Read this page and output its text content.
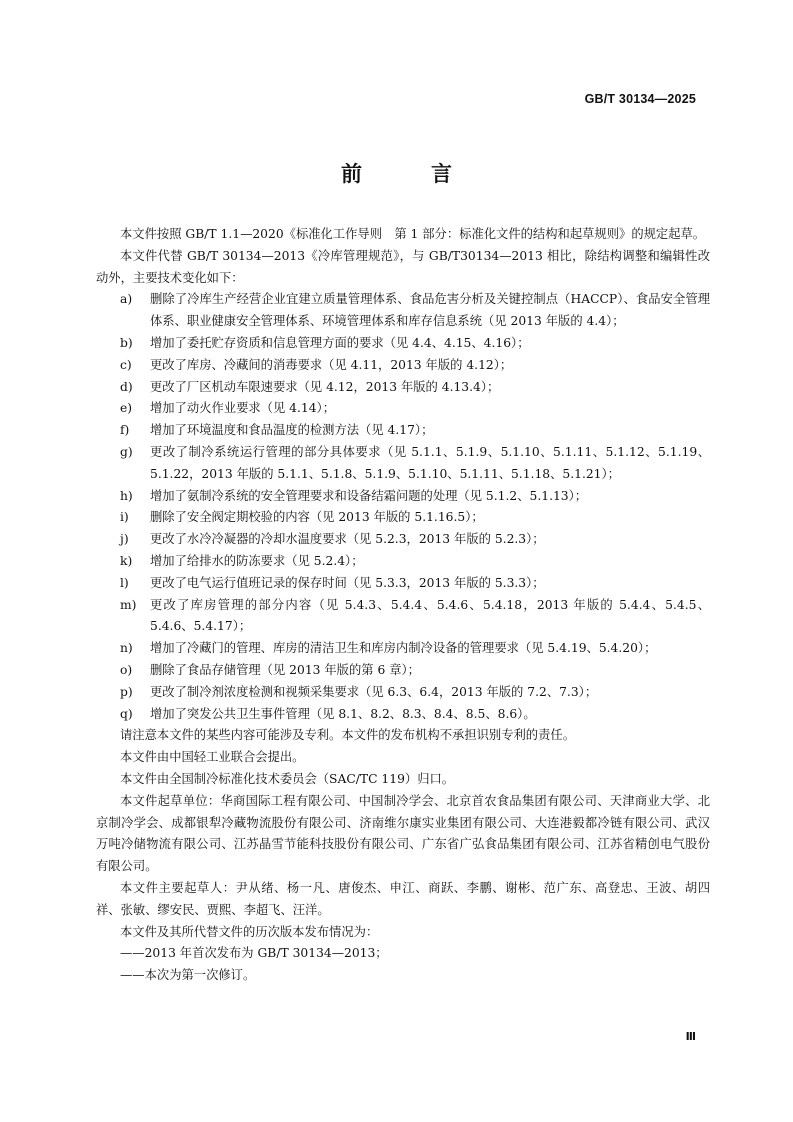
GB/T 30134—2025

前　言

本文件按照 GB/T 1.1—2020《标准化工作导则　第 1 部分：标准化文件的结构和起草规则》的规定起草。

本文件代替 GB/T 30134—2013《冷库管理规范》，与 GB/T30134—2013 相比，除结构调整和编辑性改动外，主要技术变化如下：

a) 删除了冷库生产经营企业宜建立质量管理体系、食品危害分析及关键控制点（HACCP）、食品安全管理体系、职业健康安全管理体系、环境管理体系和库存信息系统（见 2013 年版的 4.4）；
b) 增加了委托贮存资质和信息管理方面的要求（见 4.4、4.15、4.16）；
c) 更改了库房、冷藏间的消毒要求（见 4.11，2013 年版的 4.12）；
d) 更改了厂区机动车限速要求（见 4.12，2013 年版的 4.13.4）；
e) 增加了动火作业要求（见 4.14）；
f) 增加了环境温度和食品温度的检测方法（见 4.17）；
g) 更改了制冷系统运行管理的部分具体要求（见 5.1.1、5.1.9、5.1.10、5.1.11、5.1.12、5.1.19、5.1.22，2013 年版的 5.1.1、5.1.8、5.1.9、5.1.10、5.1.11、5.1.18、5.1.21）；
h) 增加了氨制冷系统的安全管理要求和设备结霜问题的处理（见 5.1.2、5.1.13）；
i) 删除了安全阀定期校验的内容（见 2013 年版的 5.1.16.5）；
j) 更改了水冷冷凝器的冷却水温度要求（见 5.2.3，2013 年版的 5.2.3）；
k) 增加了给排水的防冻要求（见 5.2.4）；
l) 更改了电气运行值班记录的保存时间（见 5.3.3，2013 年版的 5.3.3）；
m) 更改了库房管理的部分内容（见 5.4.3、5.4.4、5.4.6、5.4.18，2013 年版的 5.4.4、5.4.5、5.4.6、5.4.17）；
n) 增加了冷藏门的管理、库房的清洁卫生和库房内制冷设备的管理要求（见 5.4.19、5.4.20）；
o) 删除了食品存储管理（见 2013 年版的第 6 章）；
p) 更改了制冷剂浓度检测和视频采集要求（见 6.3、6.4，2013 年版的 7.2、7.3）；
q) 增加了突发公共卫生事件管理（见 8.1、8.2、8.3、8.4、8.5、8.6）。

请注意本文件的某些内容可能涉及专利。本文件的发布机构不承担识别专利的责任。

本文件由中国轻工业联合会提出。

本文件由全国制冷标准化技术委员会（SAC/TC 119）归口。

本文件起草单位：华商国际工程有限公司、中国制冷学会、北京首农食品集团有限公司、天津商业大学、北京制冷学会、成都银犁冷藏物流股份有限公司、济南维尔康实业集团有限公司、大连港毅都冷链有限公司、武汉万吨冷储物流有限公司、江苏晶雪节能科技股份有限公司、广东省广弘食品集团有限公司、江苏省精创电气股份有限公司。

本文件主要起草人：尹从绪、杨一凡、唐俊杰、申江、商跃、李鹏、谢彬、范广东、高登忠、王波、胡四祥、张敏、缪安民、贾熙、李超飞、汪洋。

本文件及其所代替文件的历次版本发布情况为：

——2013 年首次发布为 GB/T 30134—2013；

——本次为第一次修订。

Ⅲ
